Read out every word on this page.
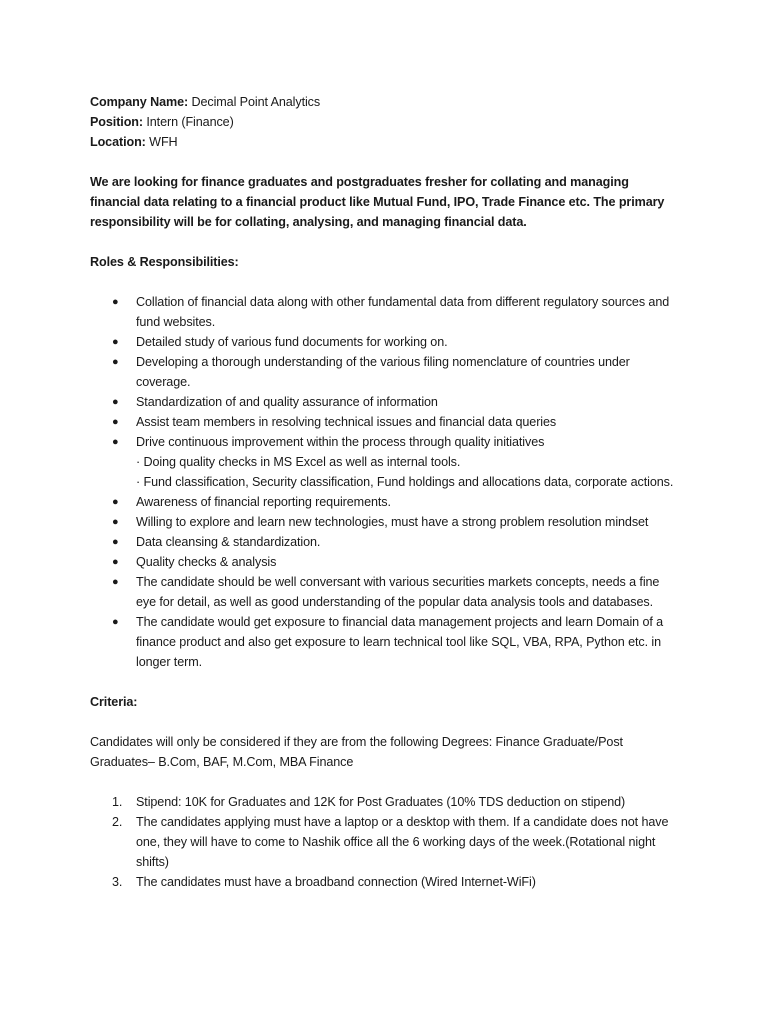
Company Name: Decimal Point Analytics

Position: Intern (Finance)

Location: WFH

We are looking for finance graduates and postgraduates fresher for collating and managing financial data relating to a financial product like Mutual Fund, IPO, Trade Finance etc. The primary responsibility will be for collating, analysing, and managing financial data.

Roles & Responsibilities:

● Collation of financial data along with other fundamental data from different regulatory sources and fund websites.
● Detailed study of various fund documents for working on.
● Developing a thorough understanding of the various filing nomenclature of countries under coverage.
● Standardization of and quality assurance of information
● Assist team members in resolving technical issues and financial data queries
● Drive continuous improvement within the process through quality initiatives
· Doing quality checks in MS Excel as well as internal tools.
· Fund classification, Security classification, Fund holdings and allocations data, corporate actions.
● Awareness of financial reporting requirements.
● Willing to explore and learn new technologies, must have a strong problem resolution mindset
● Data cleansing & standardization.
● Quality checks & analysis
● The candidate should be well conversant with various securities markets concepts, needs a fine eye for detail, as well as good understanding of the popular data analysis tools and databases.
● The candidate would get exposure to financial data management projects and learn Domain of a finance product and also get exposure to learn technical tool like SQL, VBA, RPA, Python etc. in longer term.

Criteria:

Candidates will only be considered if they are from the following Degrees: Finance Graduate/Post Graduates– B.Com, BAF, M.Com, MBA Finance

1. Stipend: 10K for Graduates and 12K for Post Graduates (10% TDS deduction on stipend)
2. The candidates applying must have a laptop or a desktop with them. If a candidate does not have one, they will have to come to Nashik office all the 6 working days of the week.(Rotational night shifts)
3. The candidates must have a broadband connection (Wired Internet-WiFi)
